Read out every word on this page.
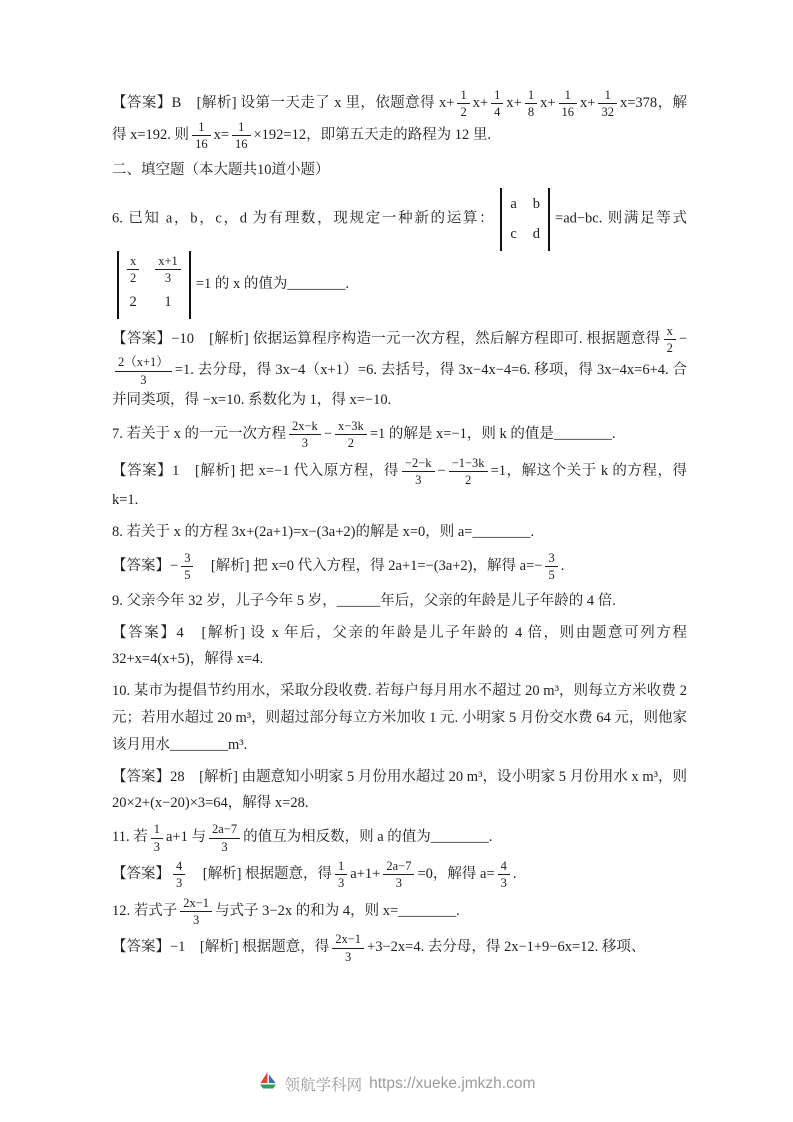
【答案】B　[解析] 设第一天走了 x 里，依题意得 $x+ \frac{1}{2} x+ \frac{1}{4} x+ \frac{1}{8} x+ \frac{1}{16} x+ \frac{1}{32} x=378$，解得 x=192. 则 $\frac{1}{16} x= \frac{1}{16} \times 192=12$，即第五天走的路程为 12 里.

二、填空题（本大题共10道小题）

6. 已知 a，b，c，d 为有理数，现规定一种新的运算：
a b
c d
=ad−bc. 则满足等式
$\frac{x}{2} \frac{x+1}{3}$
2 1
=1 的 x 的值为________.

【答案】−10　[解析] 依据运算程序构造一元一次方程，然后解方程即可. 根据题意得 $\frac{x}{2}$ −
$\frac{2(x+1)}{3} =1$. 去分母，得 3x−4（x+1）=6. 去括号，得 3x−4x−4=6. 移项，得 3x−4x=6+4. 合并同类项，得 −x=10. 系数化为 1，得 x=−10.

7. 若关于 x 的一元一次方程 $\frac{2x-k}{3} - \frac{x-3k}{2} =1$ 的解是 x=−1，则 k 的值是________.

【答案】1　[解析] 把 x=−1 代入原方程，得 $\frac{-2-k}{3} - \frac{-1-3k}{2} =1$，解这个关于 k 的方程，得 k=1.

8. 若关于 x 的方程 3x+(2a+1)=x−(3a+2)的解是 x=0，则 a=________.

【答案】− $\frac{3}{5}$ 　[解析] 把 x=0 代入方程，得 2a+1=−(3a+2)，解得 $a=- \frac{3}{5}$ .

9. 父亲今年 32 岁，儿子今年 5 岁，______年后，父亲的年龄是儿子年龄的 4 倍.

【答案】4　[解析] 设 x 年后，父亲的年龄是儿子年龄的 4 倍，则由题意可列方程 32+x=4(x+5)，解得 x=4.

10. 某市为提倡节约用水，采取分段收费. 若每户每月用水不超过 20 m³，则每立方米收费 2 元；若用水超过 20 m³，则超过部分每立方米加收 1 元. 小明家 5 月份交水费 64 元，则他家该月用水________m³.

【答案】28　[解析] 由题意知小明家 5 月份用水超过 20 m³，设小明家 5 月份用水 x m³，则 20×2+(x−20)×3=64，解得 x=28.

11. 若 $\frac{1}{3} a+1$ 与 $\frac{2a-7}{3}$ 的值互为相反数，则 a 的值为________.

【答案】 $\frac{4}{3}$ 　[解析] 根据题意，得 $\frac{1}{3} a+1+ \frac{2a-7}{3} =0$，解得 $a= \frac{4}{3}$ .

12. 若式子 $\frac{2x-1}{3}$ 与式子 3−2x 的和为 4，则 x=________.

【答案】−1　[解析] 根据题意，得 $\frac{2x-1}{3} +3-2x=4$. 去分母，得 2x−1+9−6x=12. 移项、

领航学科网 https://xueke.jmkzh.com
